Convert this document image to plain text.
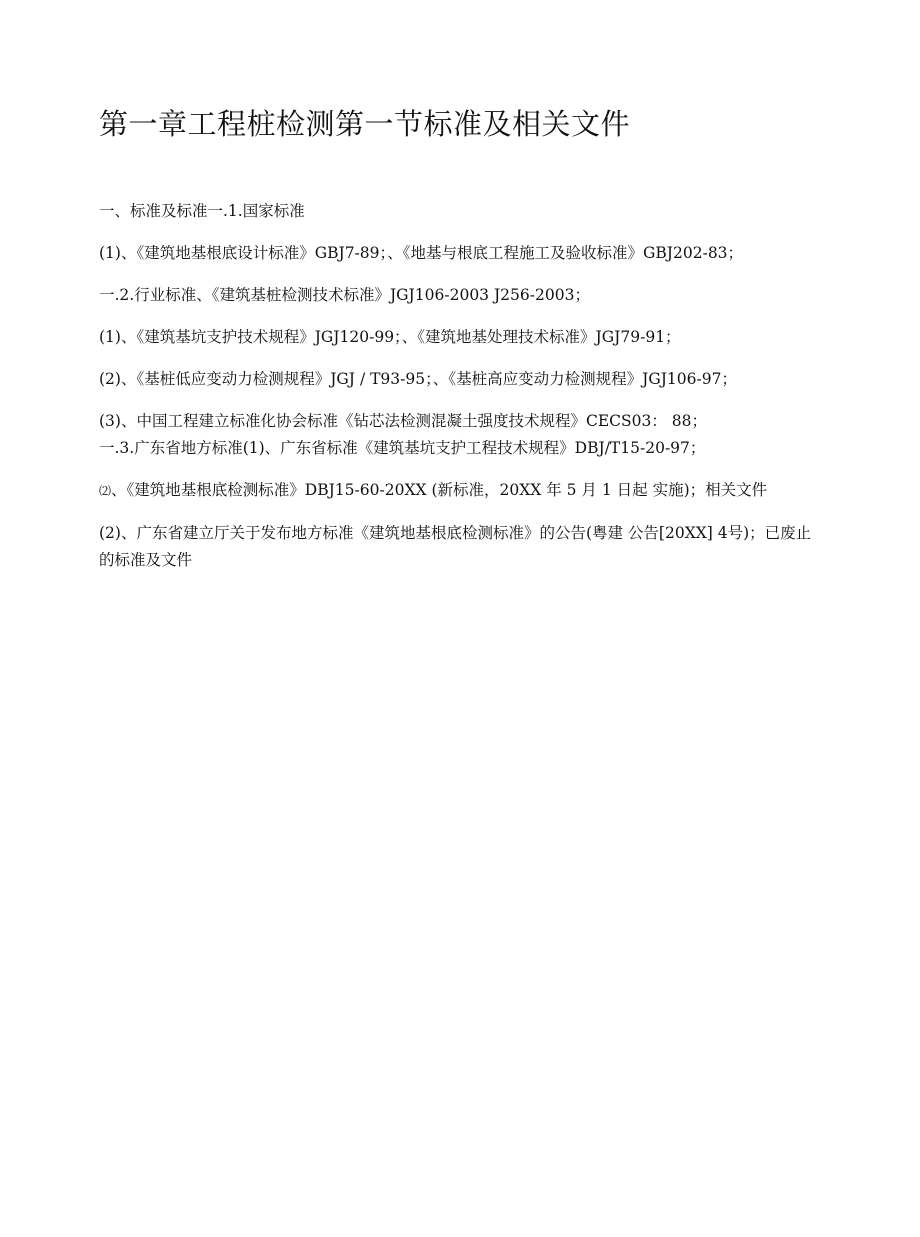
第一章工程桩检测第一节标准及相关文件

一、标准及标准一.1.国家标准

(1)、《建筑地基根底设计标准》GBJ7-89；、《地基与根底工程施工及验收标准》GBJ202-83；

一.2.行业标准、《建筑基桩检测技术标准》JGJ106-2003 J256-2003；

(1)、《建筑基坑支护技术规程》JGJ120-99；、《建筑地基处理技术标准》JGJ79-91；

(2)、《基桩低应变动力检测规程》JGJ / T93-95；、《基桩高应变动力检测规程》JGJ106-97；

(3)、中国工程建立标准化协会标准《钻芯法检测混凝土强度技术规程》CECS03： 88；

一.3.广东省地方标准(1)、广东省标准《建筑基坑支护工程技术规程》DBJ/T15-20-97；

⑵、《建筑地基根底检测标准》DBJ15-60-20XX (新标准，20XX 年 5 月 1 日起 实施)；相关文件

(2)、广东省建立厅关于发布地方标准《建筑地基根底检测标准》的公告(粤建 公告[20XX] 4号)；已废止的标准及文件
